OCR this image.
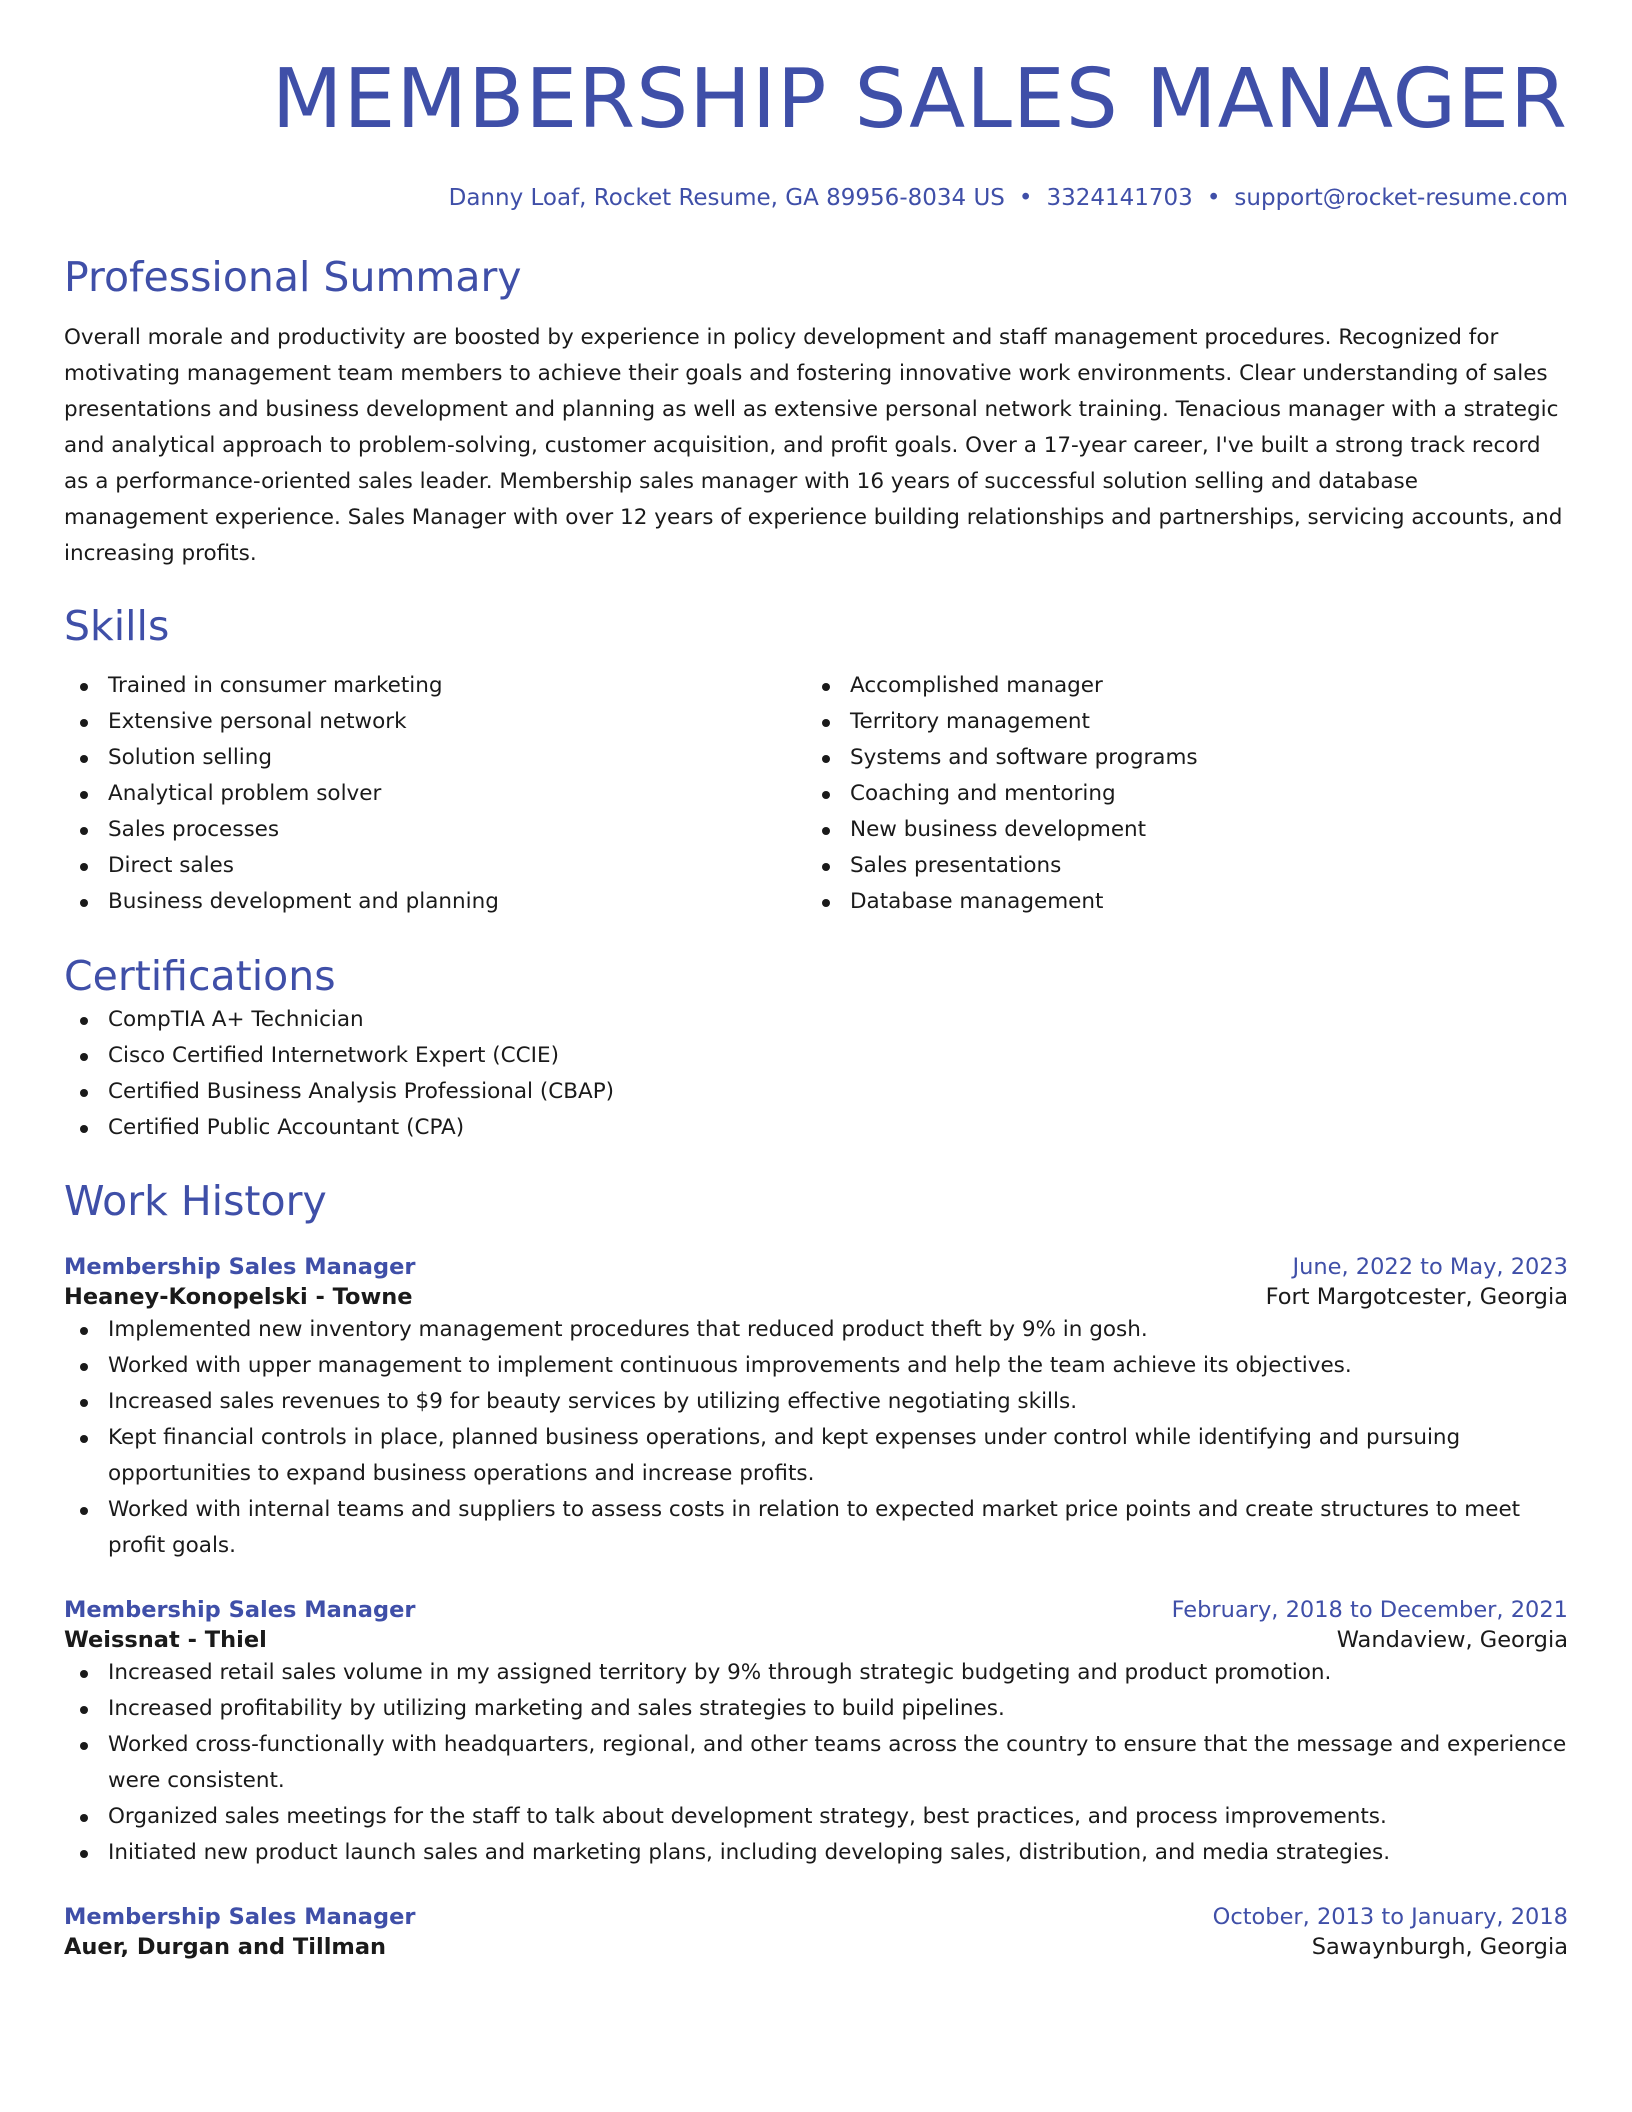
MEMBERSHIP SALES MANAGER
Danny Loaf, Rocket Resume, GA 89956-8034 US • 3324141703 • support@rocket-resume.com
Professional Summary
Overall morale and productivity are boosted by experience in policy development and staff management procedures. Recognized for motivating management team members to achieve their goals and fostering innovative work environments. Clear understanding of sales presentations and business development and planning as well as extensive personal network training. Tenacious manager with a strategic and analytical approach to problem-solving, customer acquisition, and profit goals. Over a 17-year career, I've built a strong track record as a performance-oriented sales leader. Membership sales manager with 16 years of successful solution selling and database management experience. Sales Manager with over 12 years of experience building relationships and partnerships, servicing accounts, and increasing profits.
Skills
Trained in consumer marketing
Extensive personal network
Solution selling
Analytical problem solver
Sales processes
Direct sales
Business development and planning
Accomplished manager
Territory management
Systems and software programs
Coaching and mentoring
New business development
Sales presentations
Database management
Certifications
CompTIA A+ Technician
Cisco Certified Internetwork Expert (CCIE)
Certified Business Analysis Professional (CBAP)
Certified Public Accountant (CPA)
Work History
Membership Sales Manager	June, 2022 to May, 2023
Heaney-Konopelski - Towne	Fort Margotcester, Georgia
Implemented new inventory management procedures that reduced product theft by 9% in gosh.
Worked with upper management to implement continuous improvements and help the team achieve its objectives.
Increased sales revenues to $9 for beauty services by utilizing effective negotiating skills.
Kept financial controls in place, planned business operations, and kept expenses under control while identifying and pursuing opportunities to expand business operations and increase profits.
Worked with internal teams and suppliers to assess costs in relation to expected market price points and create structures to meet profit goals.
Membership Sales Manager	February, 2018 to December, 2021
Weissnat - Thiel	Wandaview, Georgia
Increased retail sales volume in my assigned territory by 9% through strategic budgeting and product promotion.
Increased profitability by utilizing marketing and sales strategies to build pipelines.
Worked cross-functionally with headquarters, regional, and other teams across the country to ensure that the message and experience were consistent.
Organized sales meetings for the staff to talk about development strategy, best practices, and process improvements.
Initiated new product launch sales and marketing plans, including developing sales, distribution, and media strategies.
Membership Sales Manager	October, 2013 to January, 2018
Auer, Durgan and Tillman	Sawaynburgh, Georgia
